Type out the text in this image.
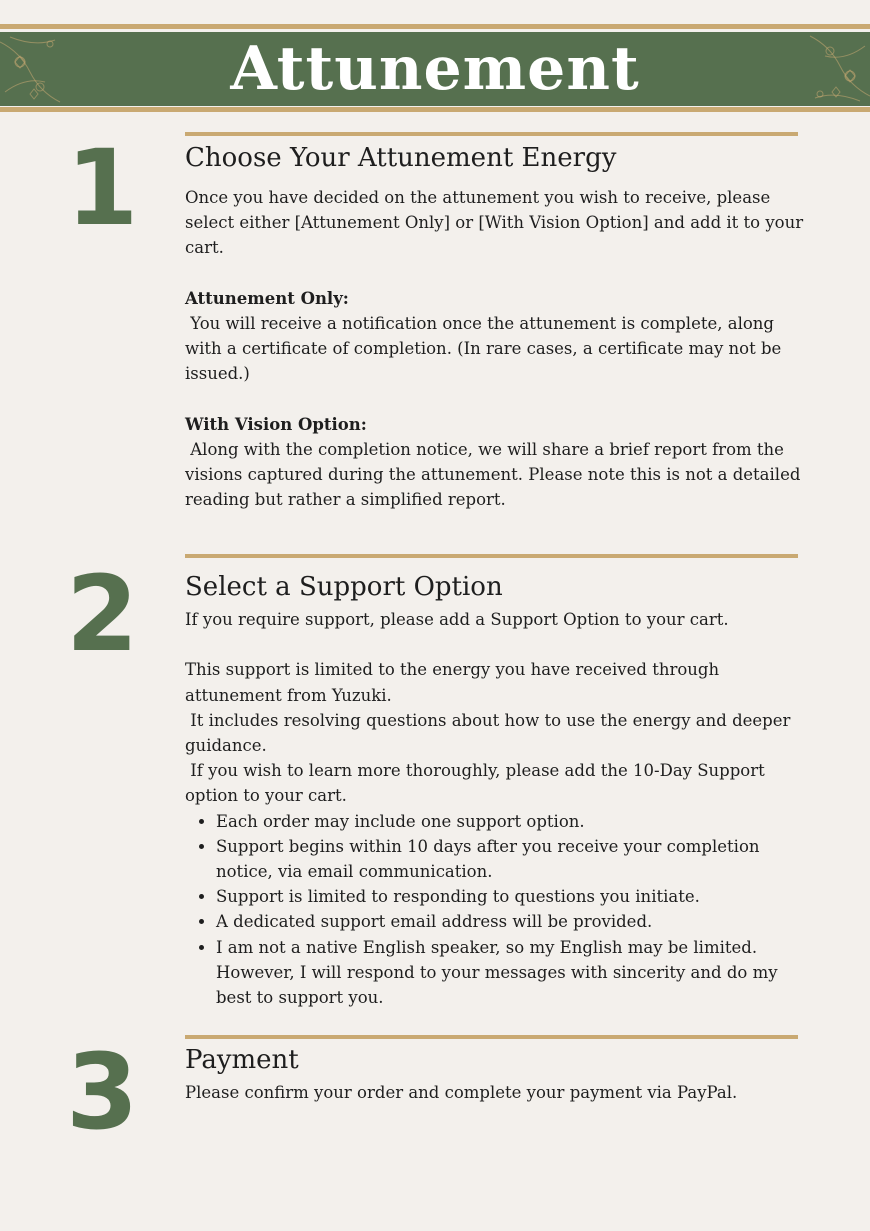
Attunement
1	Choose Your Attunement Energy

Once you have decided on the attunement you wish to receive, please select either [Attunement Only] or [With Vision Option] and add it to your cart.

Attunement Only:

You will receive a notification once the attunement is complete, along with a certificate of completion. (In rare cases, a certificate may not be issued.)

With Vision Option:

Along with the completion notice, we will share a brief report from the visions captured during the attunement. Please note this is not a detailed reading but rather a simplified report.

2	Select a Support Option

If you require support, please add a Support Option to your cart.

This support is limited to the energy you have received through attunement from Yuzuki.

It includes resolving questions about how to use the energy and deeper guidance.

If you wish to learn more thoroughly, please add the 10-Day Support option to your cart.

• Each order may include one support option.
• Support begins within 10 days after you receive your completion notice, via email communication.
• Support is limited to responding to questions you initiate.
• A dedicated support email address will be provided.
• I am not a native English speaker, so my English may be limited. However, I will respond to your messages with sincerity and do my best to support you.
3	Payment

Please confirm your order and complete your payment via PayPal.
